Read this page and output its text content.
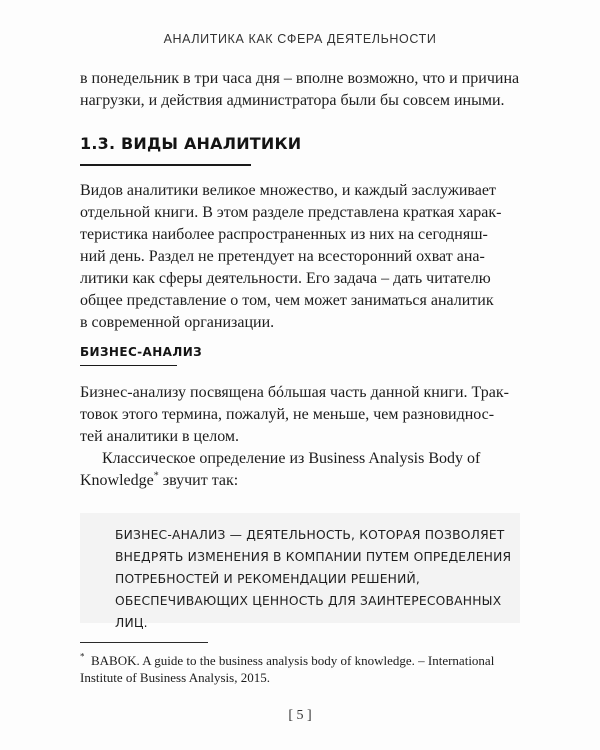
АНАЛИТИКА КАК СФЕРА ДЕЯТЕЛЬНОСТИ

в понедельник в три часа дня – вполне возможно, что и причина
нагрузки, и действия администратора были бы совсем иными.

1.3. ВИДЫ АНАЛИТИКИ

Видов аналитики великое множество, и каждый заслуживает
отдельной книги. В этом разделе представлена краткая харак-
теристика наиболее распространенных из них на сегодняш-
ний день. Раздел не претендует на всесторонний охват ана-
литики как сферы деятельности. Его задача – дать читателю
общее представление о том, чем может заниматься аналитик
в современной организации.

БИЗНЕС-АНАЛИЗ

Бизнес-анализу посвящена бóльшая часть данной книги. Трак-
товок этого термина, пожалуй, не меньше, чем разновиднос-
тей аналитики в целом.

Классическое определение из Business Analysis Body of
Knowledge* звучит так:

БИЗНЕС-АНАЛИЗ — ДЕЯТЕЛЬНОСТЬ, КОТОРАЯ ПОЗВОЛЯЕТ
ВНЕДРЯТЬ ИЗМЕНЕНИЯ В КОМПАНИИ ПУТЕМ ОПРЕДЕЛЕНИЯ
ПОТРЕБНОСТЕЙ И РЕКОМЕНДАЦИИ РЕШЕНИЙ,
ОБЕСПЕЧИВАЮЩИХ ЦЕННОСТЬ ДЛЯ ЗАИНТЕРЕСОВАННЫХ ЛИЦ.

*  BABOK. A guide to the business analysis body of knowledge. – International
Institute of Business Analysis, 2015.

[ 5 ]
